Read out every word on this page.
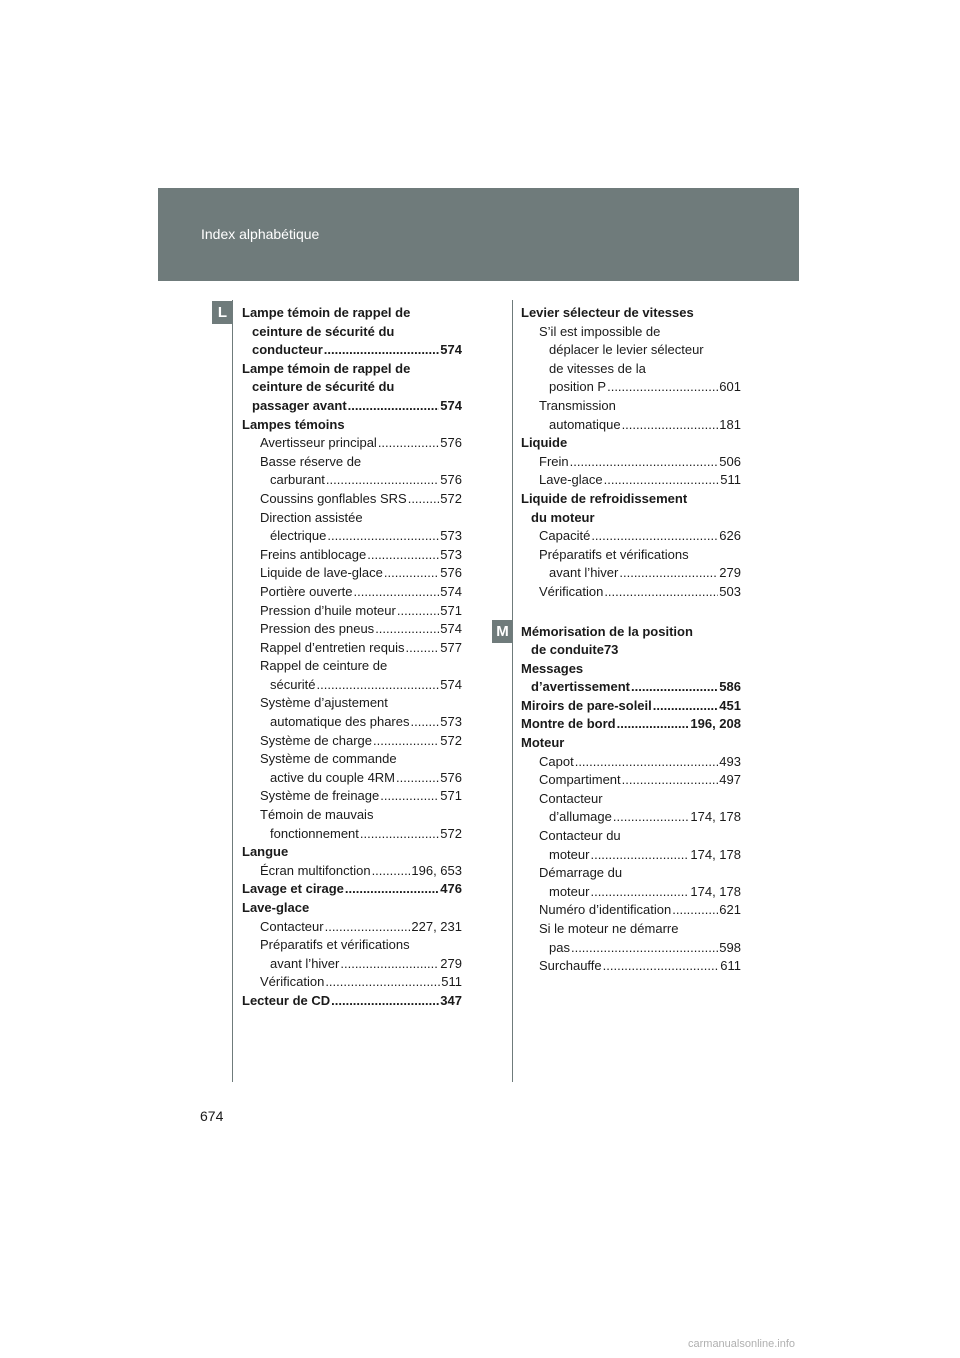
Index alphabétique
L
M
Lampe témoin de rappel de
ceinture de sécurité du
conducteur .....	574
Lampe témoin de rappel de
ceinture de sécurité du
passager avant .....	574
Lampes témoins
Avertisseur principal .....	576
Basse réserve de
carburant .....	576
Coussins gonflables SRS .....	572
Direction assistée
électrique .....	573
Freins antiblocage .....	573
Liquide de lave-glace .....	576
Portière ouverte .....	574
Pression d’huile moteur .....	571
Pression des pneus .....	574
Rappel d’entretien requis .....	577
Rappel de ceinture de
sécurité .....	574
Système d’ajustement
automatique des phares ..... 573
Système de charge .....	572
Système de commande
active du couple 4RM .....	576
Système de freinage .....	571
Témoin de mauvais
fonctionnement .....	572
Langue
Écran multifonction .....	196, 653
Lavage et cirage .....	476
Lave-glace
Contacteur .....	227, 231
Préparatifs et vérifications
avant l’hiver .....	279
Vérification .....	511
Lecteur de CD .....	347
Levier sélecteur de vitesses
S’il est impossible de
déplacer le levier sélecteur
de vitesses de la
position P .....	601
Transmission
automatique .....	181
Liquide
Frein .....	506
Lave-glace .....	511
Liquide de refroidissement
du moteur
Capacité .....	626
Préparatifs et vérifications
avant l’hiver .....	279
Vérification .....	503
Mémorisation de la position
de conduite73
Messages
d’avertissement .....	586
Miroirs de pare-soleil .....	451
Montre de bord .....	196, 208
Moteur
Capot .....	493
Compartiment .....	497
Contacteur
d’allumage .....	174, 178
Contacteur du
moteur .....	174, 178
Démarrage du
moteur .....	174, 178
Numéro d’identification .....	621
Si le moteur ne démarre
pas .....	598
Surchauffe .....	611
674
carmanualsonline.info
